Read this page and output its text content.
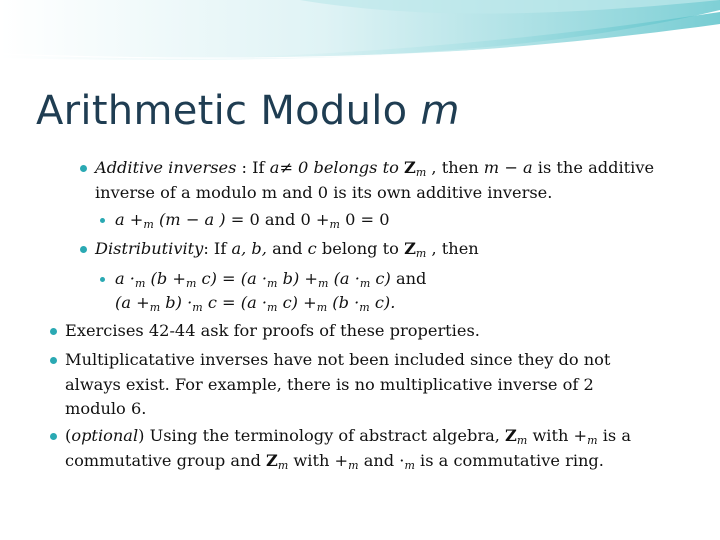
Arithmetic Modulo m
Additive inverses : If a≠ 0 belongs to $Z_m$ , then m − a is the additive
inverse of a modulo m and 0 is its own additive inverse.
$a +_m$ (m − a ) = 0 and $0 +_m$ 0 = 0
Distributivity: If a, b, and c belong to $Z_m$ , then
$a \cdot_m$ ($b +_m$ $c) = (a \cdot_m$ $b) +_m$ ($a \cdot_m$ c) and
($a +_m$ $b) \cdot_m$ $c = (a \cdot_m$ $c) +_m$ ($b \cdot_m$ c).
Exercises 42-44 ask for proofs of these properties.
Multiplicatative inverses have not been included since they do not
always exist. For example, there is no multiplicative inverse of 2
modulo 6.
(optional) Using the terminology of abstract algebra, $Z_m$ with $+_m$ is a
commutative group and $Z_m$ with $+_m$ and $\cdot_m$ is a commutative ring.
